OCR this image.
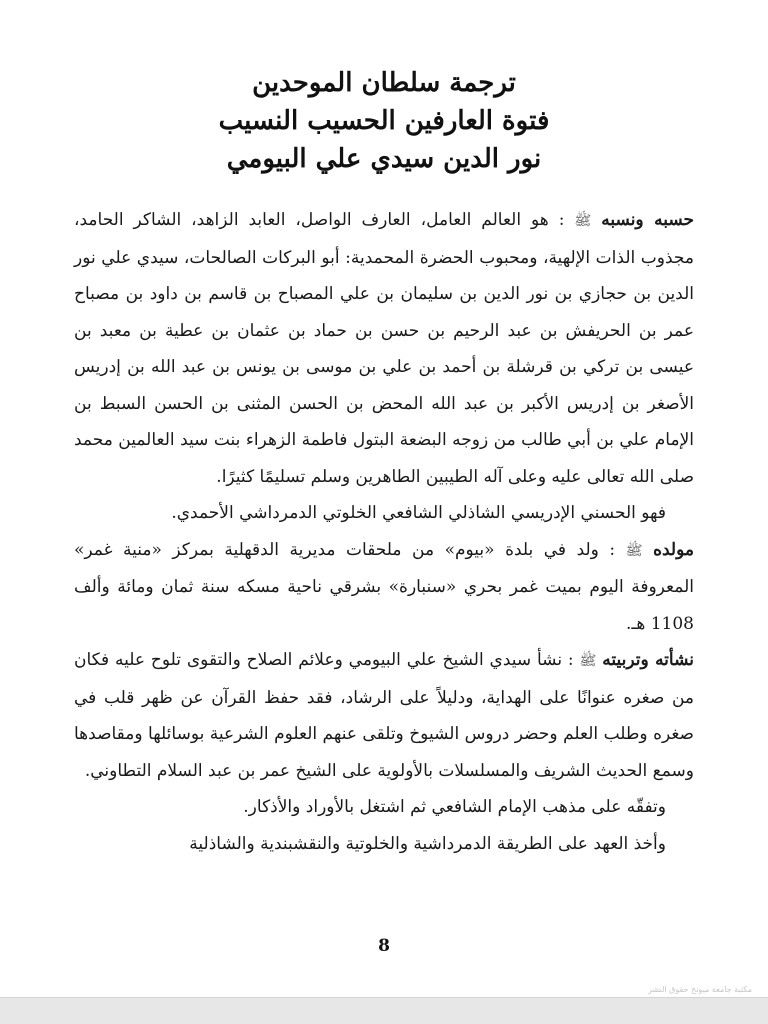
ترجمة سلطان الموحدين
فتوة العارفين الحسيب النسيب
نور الدين سيدي علي البيومي

حسبه ونسبه ﷺ : هو العالم العامل، العارف الواصل، العابد الزاهد، الشاكر الحامد، مجذوب الذات الإلهية، ومحبوب الحضرة المحمدية: أبو البركات الصالحات، سيدي علي نور الدين بن حجازي بن نور الدين بن سليمان بن علي المصباح بن قاسم بن داود بن مصباح عمر بن الحريفش بن عبد الرحيم بن حسن بن حماد بن عثمان بن عطية بن معبد بن عيسى بن تركي بن قرشلة بن أحمد بن علي بن موسى بن يونس بن عبد الله بن إدريس الأصغر بن إدريس الأكبر بن عبد الله المحض بن الحسن المثنى بن الحسن السبط بن الإمام علي بن أبي طالب من زوجه البضعة البتول فاطمة الزهراء بنت سيد العالمين محمد صلى الله تعالى عليه وعلى آله الطيبين الطاهرين وسلم تسليمًا كثيرًا.

فهو الحسني الإدريسي الشاذلي الشافعي الخلوتي الدمرداشي الأحمدي.

مولده ﷺ : ولد في بلدة «بيوم» من ملحقات مديرية الدقهلية بمركز «منية غمر» المعروفة اليوم بميت غمر بحري «سنبارة» بشرقي ناحية مسكه سنة ثمان ومائة وألف 1108 هـ.

نشأته وتربيته ﷺ : نشأ سيدي الشيخ علي البيومي وعلائم الصلاح والتقوى تلوح عليه فكان من صغره عنوانًا على الهداية، ودليلاً على الرشاد، فقد حفظ القرآن عن ظهر قلب في صغره وطلب العلم وحضر دروس الشيوخ وتلقى عنهم العلوم الشرعية بوسائلها ومقاصدها وسمع الحديث الشريف والمسلسلات بالأولوية على الشيخ عمر بن عبد السلام التطاوني.

وتفقّه على مذهب الإمام الشافعي ثم اشتغل بالأوراد والأذكار.

وأخذ العهد على الطريقة الدمرداشية والخلوتية والنقشبندية والشاذلية

8
مكتبة جامعة ميونخ حقوق النشر
